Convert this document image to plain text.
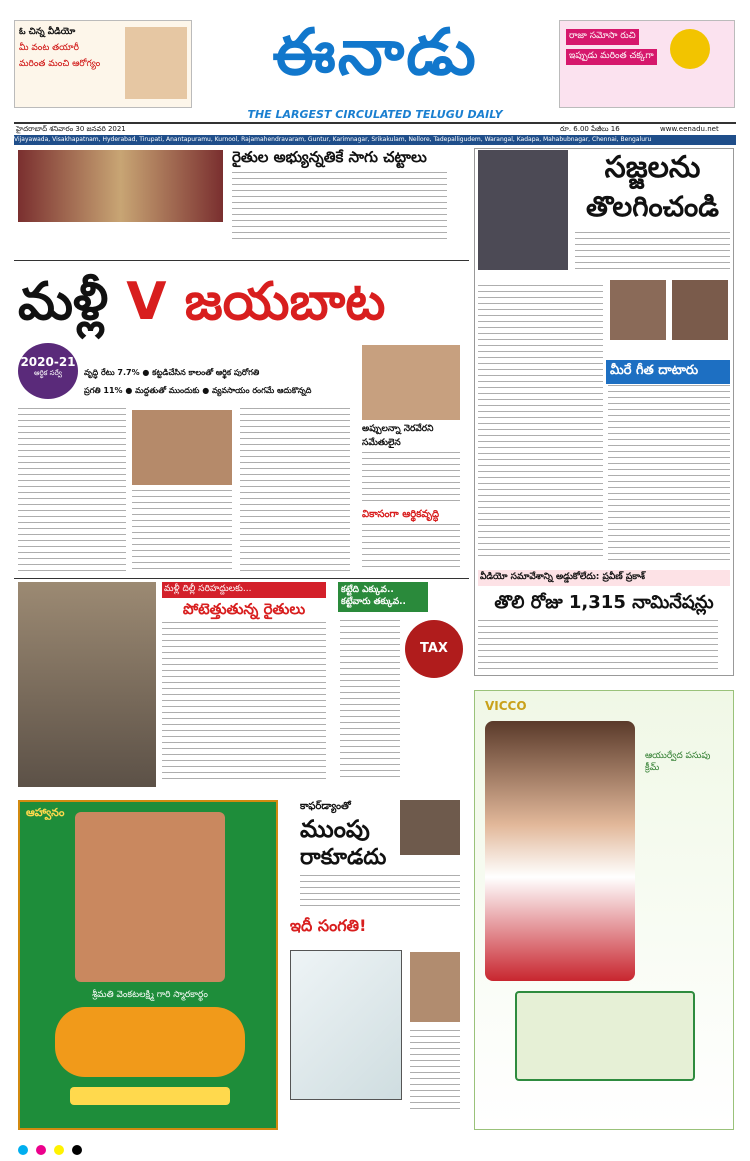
ఓ చిన్న వీడియో
మీ వంట తయారీ
మరింత మంచి ఆరోగ్యం
రాజా సమోసా రుచి
ఇప్పుడు మరింత చక్కగా
ఈనాడు
THE LARGEST CIRCULATED TELUGU DAILY
హైదరాబాద్ శనివారం 30 జనవరి 2021	రూ. 6.00 పేజీలు 16	www.eenadu.net
Vijayawada, Visakhapatnam, Hyderabad, Tirupati, Anantapuramu, Kurnool, Rajamahendravaram, Guntur, Karimnagar, Srikakulam, Nellore, Tadepalligudem, Warangal, Kadapa, Mahabubnagar, Chennai, Bengaluru
రైతుల అభ్యున్నతికే సాగు చట్టాలు
మళ్లీ V జయబాట
2020-21
ఆర్థిక సర్వే	వృద్ధి రేటు 7.7% ● కట్టడిచేసిన కాలంతో ఆర్థిక పురోగతి
ప్రగతి 11% ● మద్దతుతో ముందుకు ● వ్యవసాయం రంగమే ఆదుకొన్నది
అప్పులన్నా నెరవేరని
సమేతులైన
వికాసంగా ఆర్థికవృద్ధి
సజ్జలను
తొలగించండి
మీరే గీత దాటారు
వీడియో సమావేశాన్ని అడ్డుకోలేదు: ప్రవీణ్ ప్రకాశ్
తొలి రోజు 1,315 నామినేషన్లు
మళ్లీ దిల్లీ సరిహద్దులకు...
పోటెత్తుతున్న రైతులు
కట్టేది ఎక్కువ.. కట్టేవారు తక్కువ..
TAX
ఆహ్వానం
శ్రీమతి వెంకటలక్ష్మి గారి స్మారకార్థం
కాఫర్‌డ్యాంతో
ముంపు
రాకూడదు
ఇదీ సంగతి!
VICCO
ఆయుర్వేద పసుపు క్రీమ్
